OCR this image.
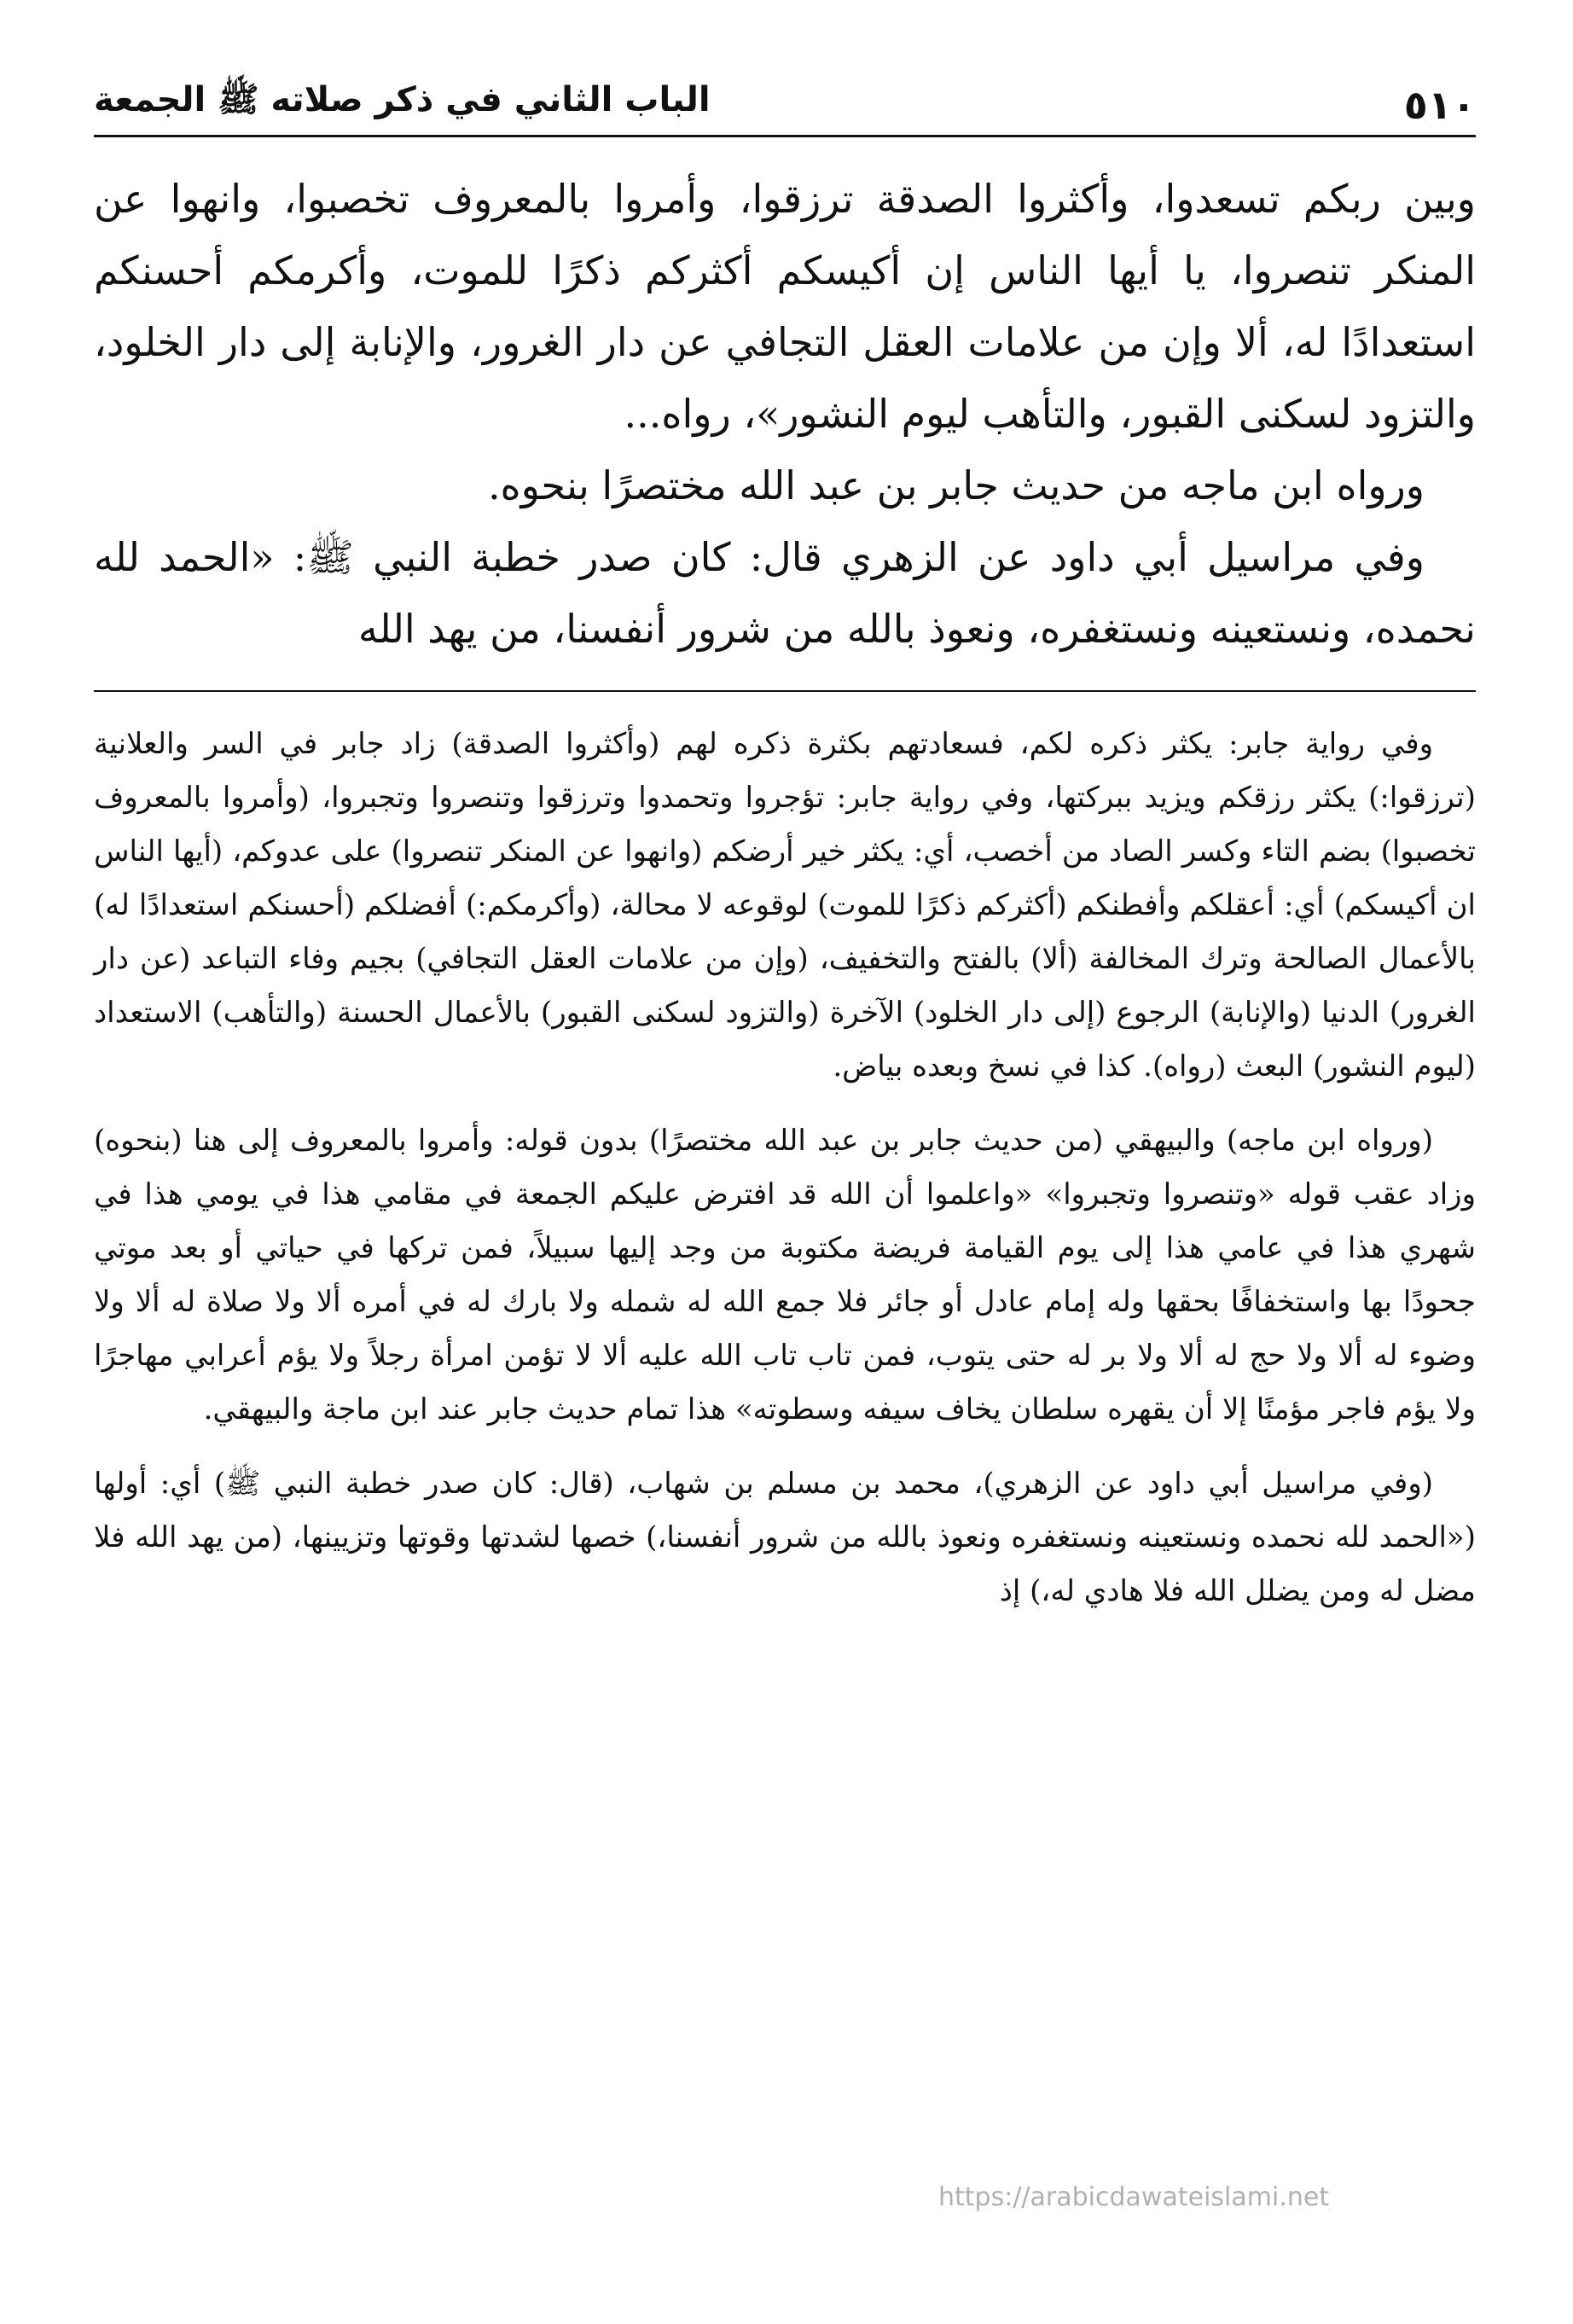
٥١٠
الباب الثاني في ذكر صلاته ﷺ الجمعة

وبين ربكم تسعدوا، وأكثروا الصدقة ترزقوا، وأمروا بالمعروف تخصبوا، وانهوا عن المنكر تنصروا، يا أيها الناس إن أكيسكم أكثركم ذكرًا للموت، وأكرمكم أحسنكم استعدادًا له، ألا وإن من علامات العقل التجافي عن دار الغرور، والإنابة إلى دار الخلود، والتزود لسكنى القبور، والتأهب ليوم النشور»، رواه...

ورواه ابن ماجه من حديث جابر بن عبد الله مختصرًا بنحوه.

وفي مراسيل أبي داود عن الزهري قال: كان صدر خطبة النبي ﷺ: «الحمد لله نحمده، ونستعينه ونستغفره، ونعوذ بالله من شرور أنفسنا، من يهد الله

وفي رواية جابر: يكثر ذكره لكم، فسعادتهم بكثرة ذكره لهم (وأكثروا الصدقة) زاد جابر في السر والعلانية (ترزقوا:) يكثر رزقكم ويزيد ببركتها، وفي رواية جابر: تؤجروا وتحمدوا وترزقوا وتنصروا وتجبروا، (وأمروا بالمعروف تخصبوا) بضم التاء وكسر الصاد من أخصب، أي: يكثر خير أرضكم (وانهوا عن المنكر تنصروا) على عدوكم، (أيها الناس ان أكيسكم) أي: أعقلكم وأفطنكم (أكثركم ذكرًا للموت) لوقوعه لا محالة، (وأكرمكم:) أفضلكم (أحسنكم استعدادًا له) بالأعمال الصالحة وترك المخالفة (ألا) بالفتح والتخفيف، (وإن من علامات العقل التجافي) بجيم وفاء التباعد (عن دار الغرور) الدنيا (والإنابة) الرجوع (إلى دار الخلود) الآخرة (والتزود لسكنى القبور) بالأعمال الحسنة (والتأهب) الاستعداد (ليوم النشور) البعث (رواه). كذا في نسخ وبعده بياض.

(ورواه ابن ماجه) والبيهقي (من حديث جابر بن عبد الله مختصرًا) بدون قوله: وأمروا بالمعروف إلى هنا (بنحوه) وزاد عقب قوله «وتنصروا وتجبروا» «واعلموا أن الله قد افترض عليكم الجمعة في مقامي هذا في يومي هذا في شهري هذا في عامي هذا إلى يوم القيامة فريضة مكتوبة من وجد إليها سبيلاً، فمن تركها في حياتي أو بعد موتي جحودًا بها واستخفافًا بحقها وله إمام عادل أو جائر فلا جمع الله له شمله ولا بارك له في أمره ألا ولا صلاة له ألا ولا وضوء له ألا ولا حج له ألا ولا بر له حتى يتوب، فمن تاب تاب الله عليه ألا لا تؤمن امرأة رجلاً ولا يؤم أعرابي مهاجرًا ولا يؤم فاجر مؤمنًا إلا أن يقهره سلطان يخاف سيفه وسطوته» هذا تمام حديث جابر عند ابن ماجة والبيهقي.

(وفي مراسيل أبي داود عن الزهري)، محمد بن مسلم بن شهاب، (قال: كان صدر خطبة النبي ﷺ) أي: أولها («الحمد لله نحمده ونستعينه ونستغفره ونعوذ بالله من شرور أنفسنا،) خصها لشدتها وقوتها وتزيينها، (من يهد الله فلا مضل له ومن يضلل الله فلا هادي له،) إذ

https://arabicdawateislami.net
